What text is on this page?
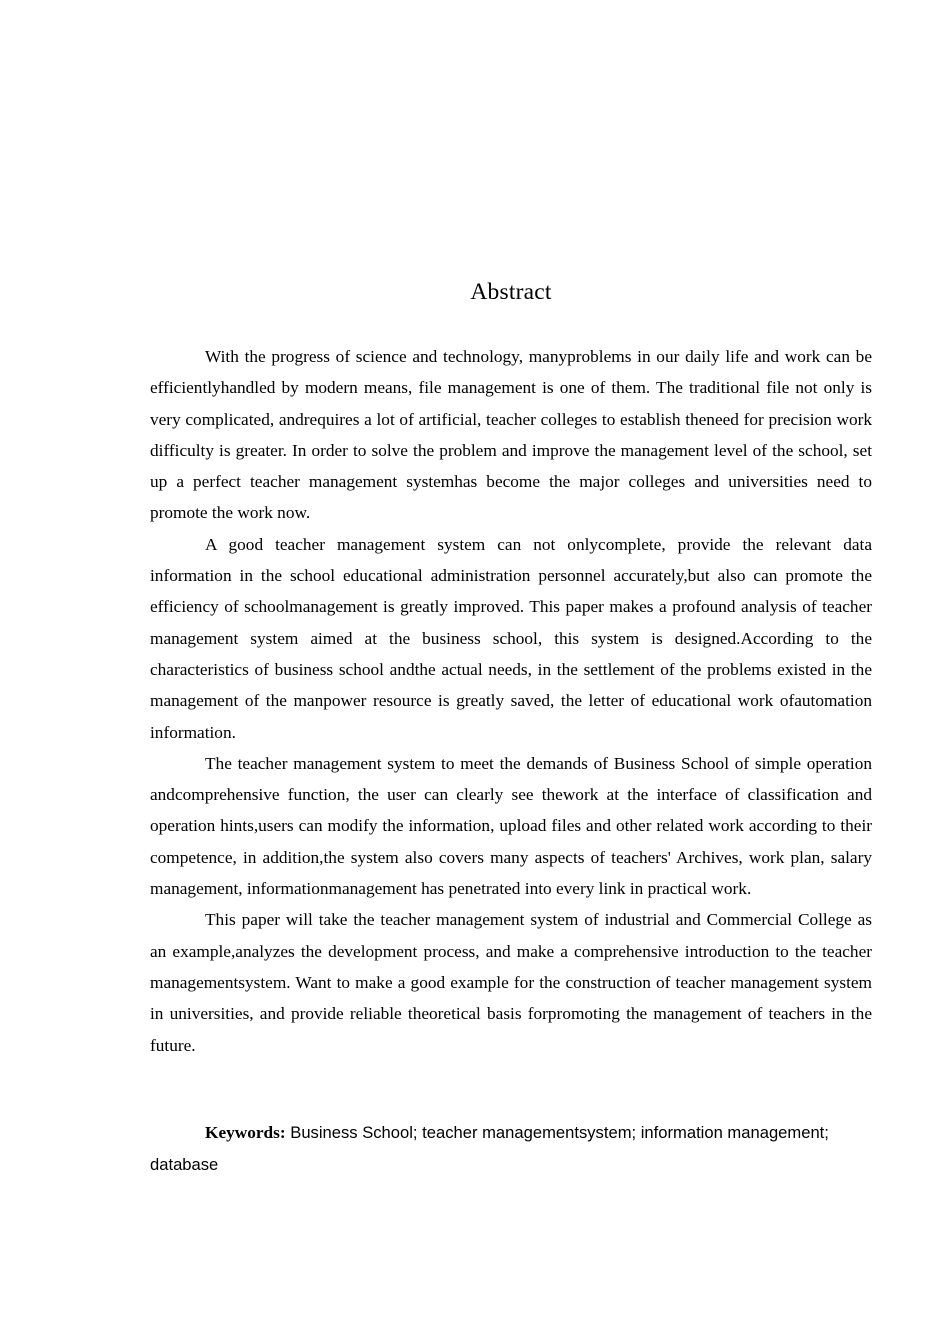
Abstract

With the progress of science and technology, manyproblems in our daily life and work can be efficientlyhandled by modern means, file management is one of them. The traditional file not only is very complicated, andrequires a lot of artificial, teacher colleges to establish theneed for precision work difficulty is greater. In order to solve the problem and improve the management level of the school, set up a perfect teacher management systemhas become the major colleges and universities need to promote the work now.

A good teacher management system can not onlycomplete, provide the relevant data information in the school educational administration personnel accurately,but also can promote the efficiency of schoolmanagement is greatly improved. This paper makes a profound analysis of teacher management system aimed at the business school, this system is designed.According to the characteristics of business school andthe actual needs, in the settlement of the problems existed in the management of the manpower resource is greatly saved, the letter of educational work ofautomation information.

The teacher management system to meet the demands of Business School of simple operation andcomprehensive function, the user can clearly see thework at the interface of classification and operation hints,users can modify the information, upload files and other related work according to their competence, in addition,the system also covers many aspects of teachers' Archives, work plan, salary management, informationmanagement has penetrated into every link in practical work.

This paper will take the teacher management system of industrial and Commercial College as an example,analyzes the development process, and make a comprehensive introduction to the teacher managementsystem. Want to make a good example for the construction of teacher management system in universities, and provide reliable theoretical basis forpromoting the management of teachers in the future.

Keywords: Business School; teacher managementsystem; information management; database
